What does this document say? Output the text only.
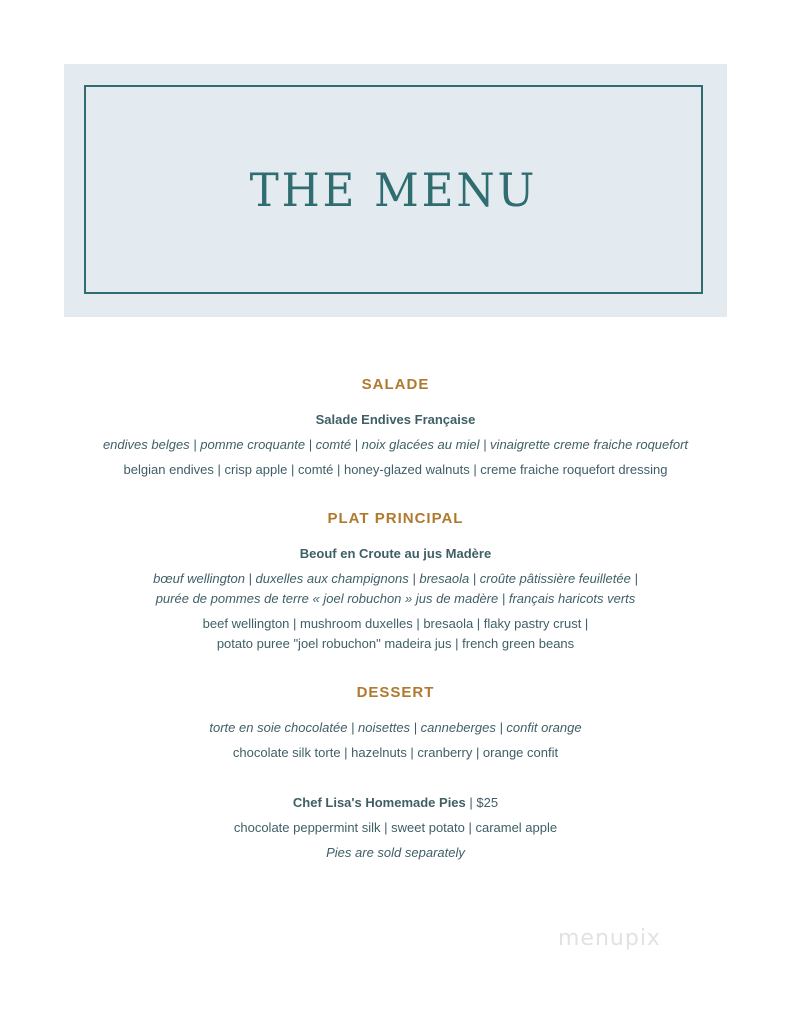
THE MENU

SALADE

Salade Endives Française

endives belges | pomme croquante | comté | noix glacées au miel | vinaigrette creme fraiche roquefort

belgian endives | crisp apple | comté | honey-glazed walnuts | creme fraiche roquefort dressing

PLAT PRINCIPAL

Beouf en Croute au jus Madère

bœuf wellington | duxelles aux champignons | bresaola | croûte pâtissière feuilletée |

purée de pommes de terre « joel robuchon » jus de madère | français haricots verts

beef wellington | mushroom duxelles | bresaola | flaky pastry crust |

potato puree "joel robuchon" madeira jus | french green beans

DESSERT

torte en soie chocolatée | noisettes | canneberges | confit orange

chocolate silk torte | hazelnuts | cranberry | orange confit

Chef Lisa's Homemade Pies | $25

chocolate peppermint silk | sweet potato | caramel apple

Pies are sold separately

menupix
